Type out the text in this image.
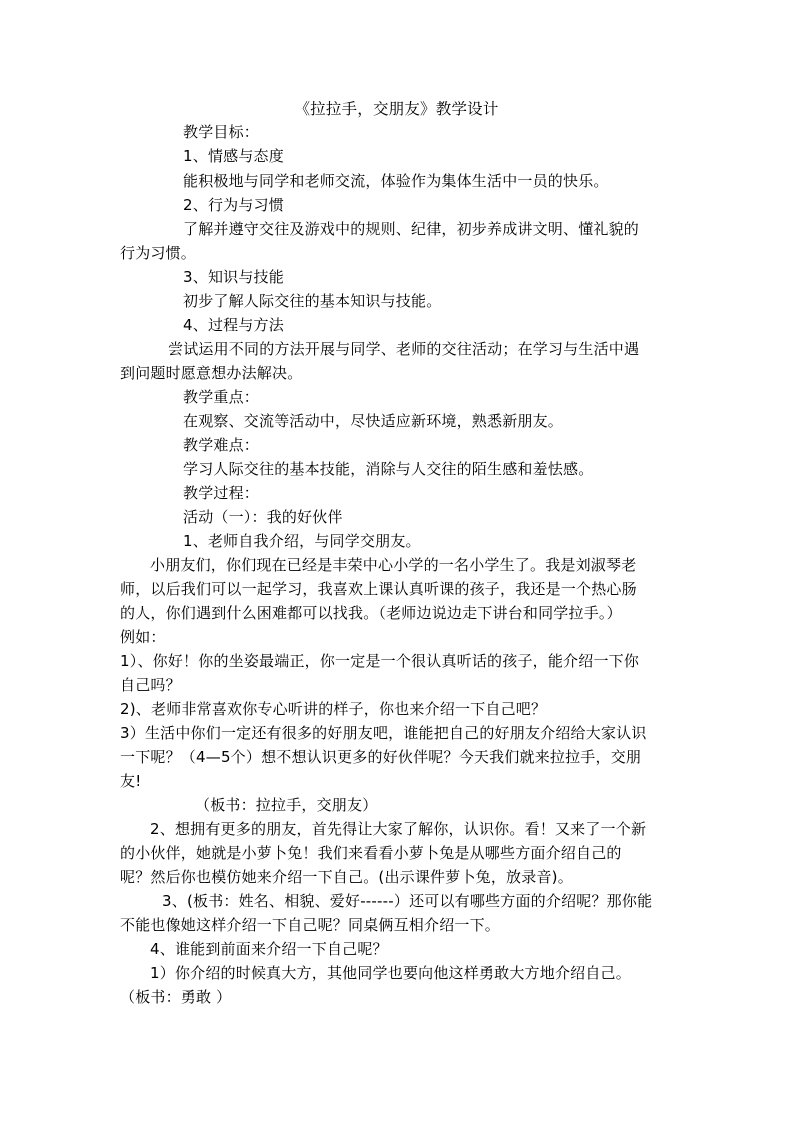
《拉拉手，交朋友》教学设计
教学目标：
1、情感与态度
能积极地与同学和老师交流，体验作为集体生活中一员的快乐。
2、行为与习惯
了解并遵守交往及游戏中的规则、纪律，初步养成讲文明、懂礼貌的
行为习惯。
3、知识与技能
初步了解人际交往的基本知识与技能。
4、过程与方法
尝试运用不同的方法开展与同学、老师的交往活动；在学习与生活中遇
到问题时愿意想办法解决。
教学重点：
在观察、交流等活动中，尽快适应新环境，熟悉新朋友。
教学难点：
学习人际交往的基本技能，消除与人交往的陌生感和羞怯感。
教学过程：
活动（一）：我的好伙伴
1、老师自我介绍，与同学交朋友。
小朋友们，你们现在已经是丰荣中心小学的一名小学生了。我是刘淑琴老
师，以后我们可以一起学习，我喜欢上课认真听课的孩子，我还是一个热心肠
的人，你们遇到什么困难都可以找我。（老师边说边走下讲台和同学拉手。）
例如：
1）、你好！你的坐姿最端正，你一定是一个很认真听话的孩子，能介绍一下你
自己吗？
2)、老师非常喜欢你专心听讲的样子，你也来介绍一下自己吧？
3）生活中你们一定还有很多的好朋友吧，谁能把自己的好朋友介绍给大家认识
一下呢？（4—5个）想不想认识更多的好伙伴呢？今天我们就来拉拉手，交朋
友!
（板书：拉拉手，交朋友）
2、想拥有更多的朋友，首先得让大家了解你，认识你。看！又来了一个新
的小伙伴，她就是小萝卜兔！我们来看看小萝卜兔是从哪些方面介绍自己的
呢？然后你也模仿她来介绍一下自己。(出示课件萝卜兔，放录音)。
3、(板书：姓名、相貌、爱好------）还可以有哪些方面的介绍呢？那你能
不能也像她这样介绍一下自己呢？同桌俩互相介绍一下。
4、谁能到前面来介绍一下自己呢？
1）你介绍的时候真大方，其他同学也要向他这样勇敢大方地介绍自己。
（板书：勇敢 ）
